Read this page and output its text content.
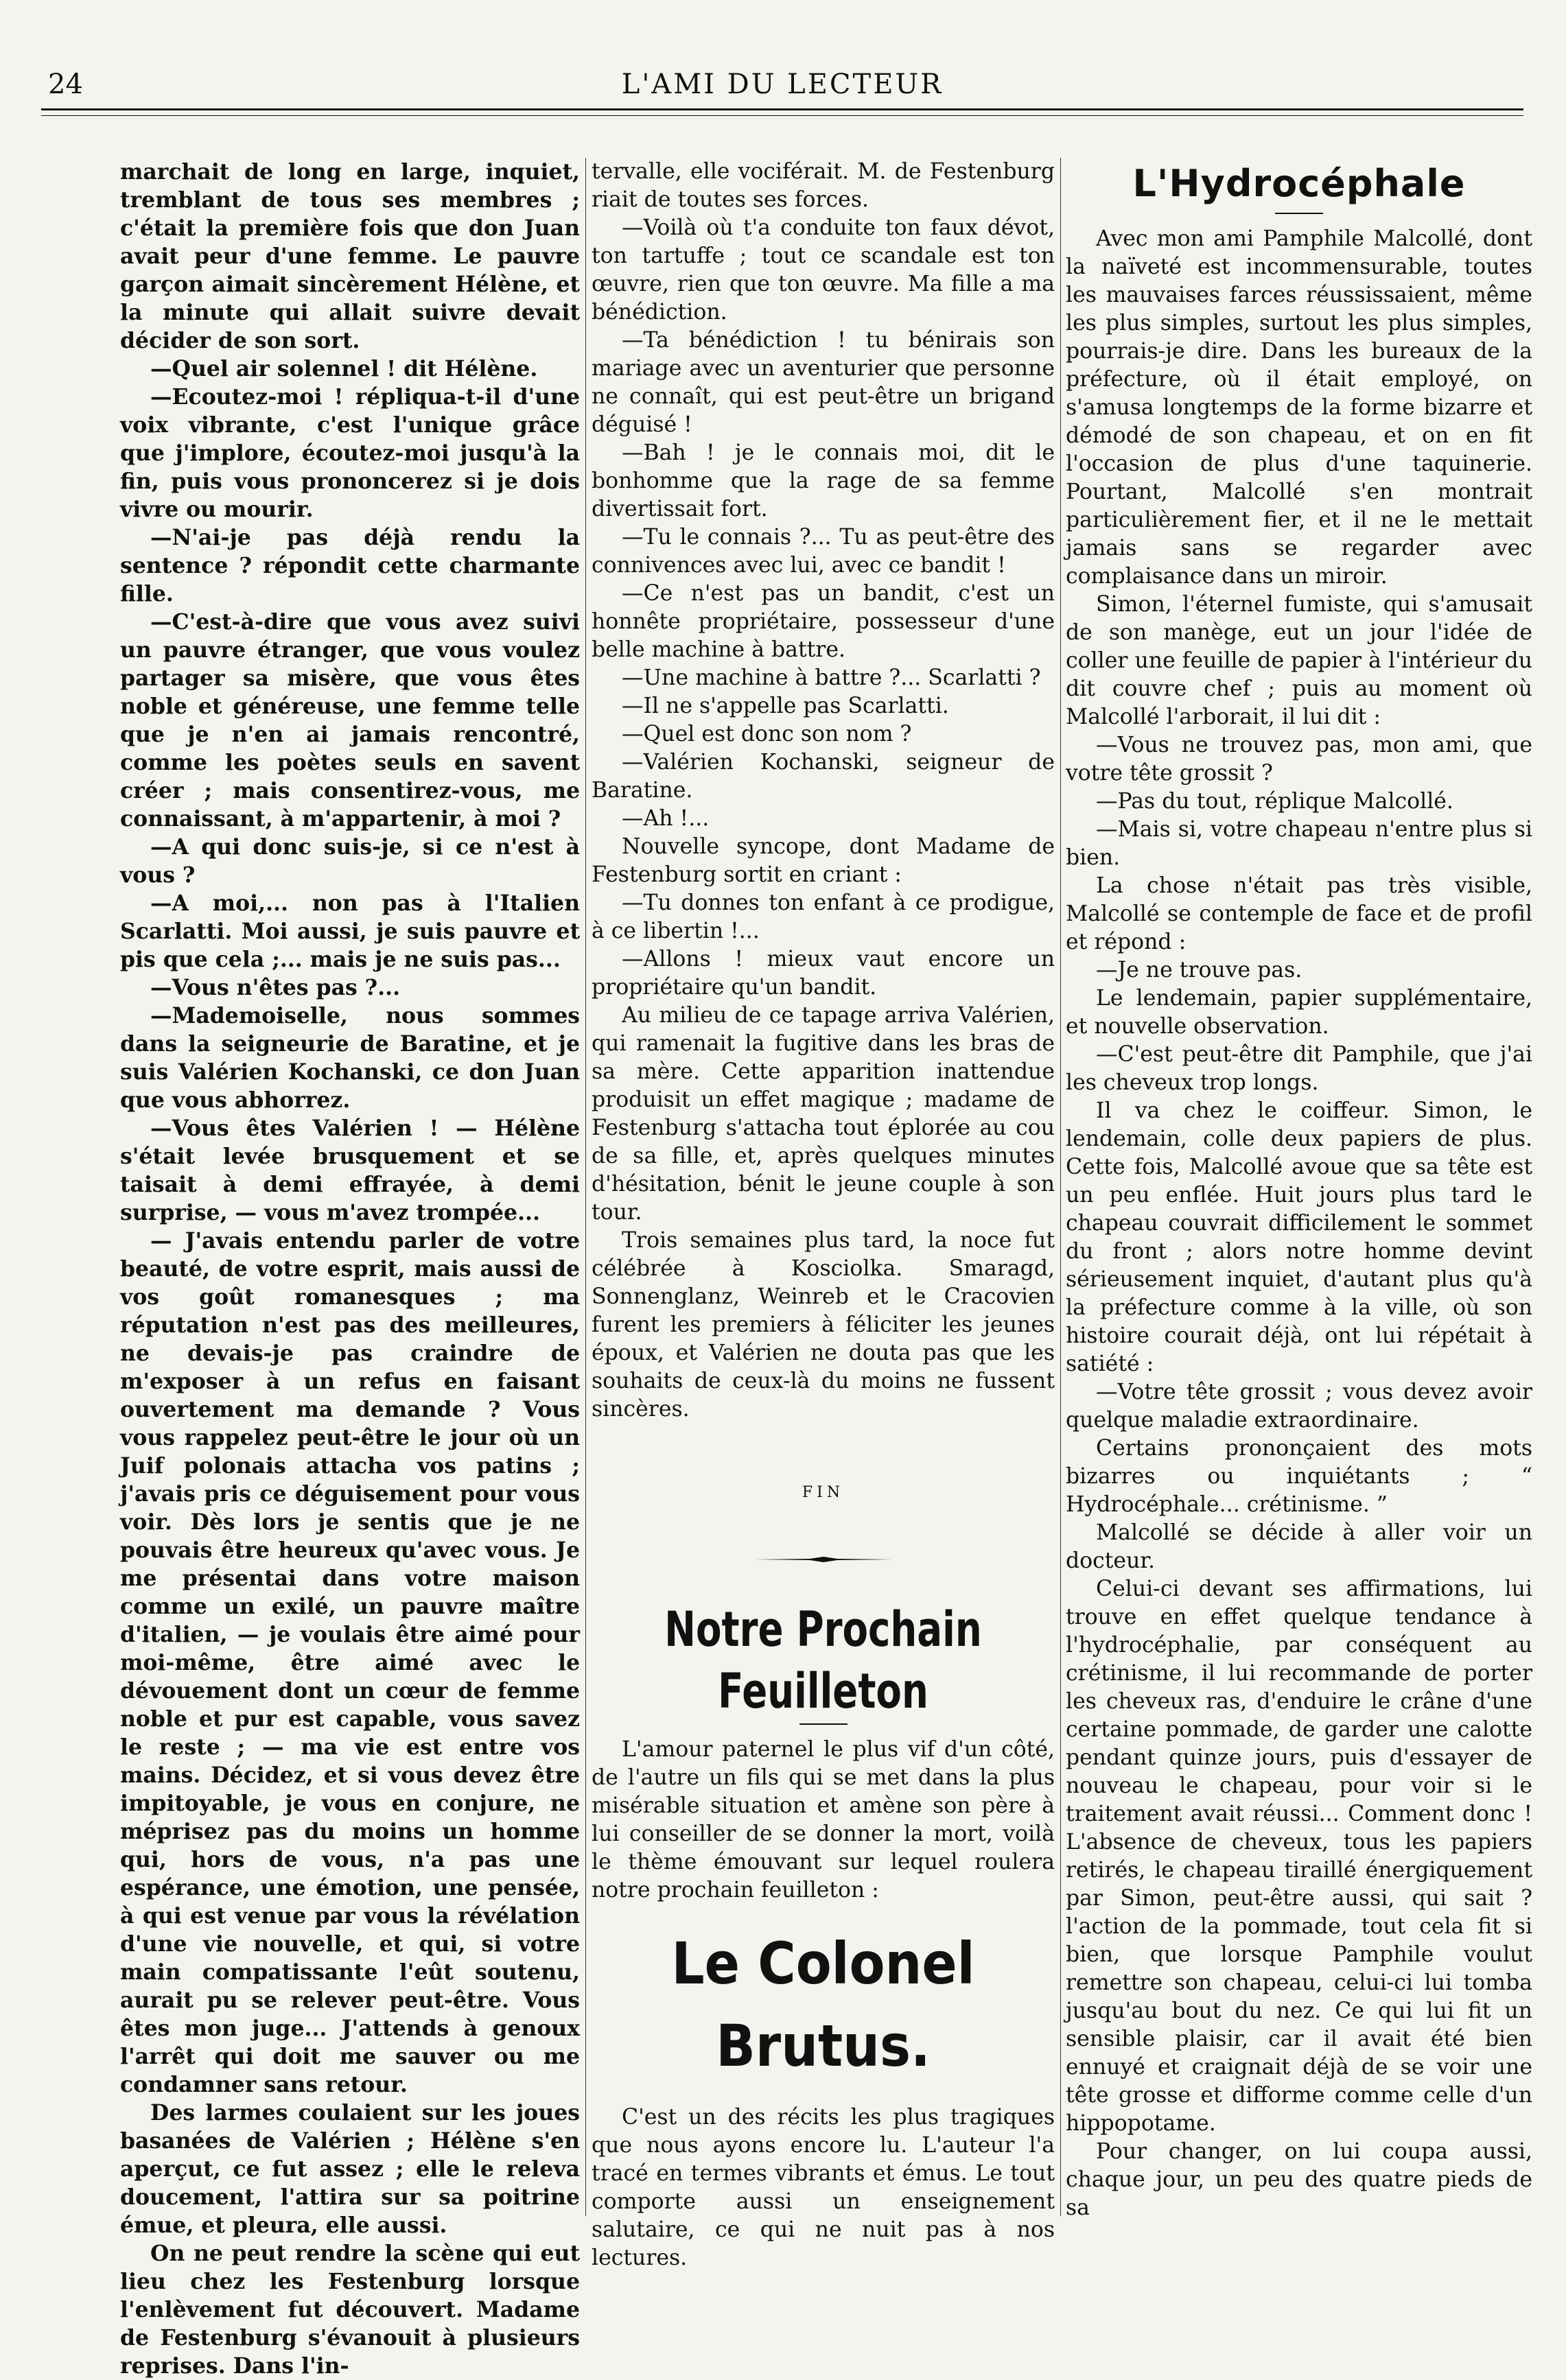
24	L'AMI DU LECTEUR

marchait de long en large, inquiet, tremblant de tous ses membres ; c'était la première fois que don Juan avait peur d'une femme. Le pauvre garçon aimait sincèrement Hélène, et la minute qui allait suivre devait décider de son sort.

—Quel air solennel ! dit Hélène.

—Ecoutez-moi ! répliqua-t-il d'une voix vibrante, c'est l'unique grâce que j'implore, écoutez-moi jusqu'à la fin, puis vous prononcerez si je dois vivre ou mourir.

—N'ai-je pas déjà rendu la sentence ? répondit cette charmante fille.

—C'est-à-dire que vous avez suivi un pauvre étranger, que vous voulez partager sa misère, que vous êtes noble et généreuse, une femme telle que je n'en ai jamais rencontré, comme les poètes seuls en savent créer ; mais consentirez-vous, me connaissant, à m'appartenir, à moi ?

—A qui donc suis-je, si ce n'est à vous ?

—A moi,... non pas à l'Italien Scarlatti. Moi aussi, je suis pauvre et pis que cela ;... mais je ne suis pas...

—Vous n'êtes pas ?...

—Mademoiselle, nous sommes dans la seigneurie de Baratine, et je suis Valérien Kochanski, ce don Juan que vous abhorrez.

—Vous êtes Valérien ! — Hélène s'était levée brusquement et se taisait à demi effrayée, à demi surprise, — vous m'avez trompée...

— J'avais entendu parler de votre beauté, de votre esprit, mais aussi de vos goût romanesques ; ma réputation n'est pas des meilleures, ne devais-je pas craindre de m'exposer à un refus en faisant ouvertement ma demande ? Vous vous rappelez peut-être le jour où un Juif polonais attacha vos patins ; j'avais pris ce déguisement pour vous voir. Dès lors je sentis que je ne pouvais être heureux qu'avec vous. Je me présentai dans votre maison comme un exilé, un pauvre maître d'italien, — je voulais être aimé pour moi-même, être aimé avec le dévouement dont un cœur de femme noble et pur est capable, vous savez le reste ; — ma vie est entre vos mains. Décidez, et si vous devez être impitoyable, je vous en conjure, ne méprisez pas du moins un homme qui, hors de vous, n'a pas une espérance, une émotion, une pensée, à qui est venue par vous la révélation d'une vie nouvelle, et qui, si votre main compatissante l'eût soutenu, aurait pu se relever peut-être. Vous êtes mon juge... J'attends à genoux l'arrêt qui doit me sauver ou me condamner sans retour.

Des larmes coulaient sur les joues basanées de Valérien ; Hélène s'en aperçut, ce fut assez ; elle le releva doucement, l'attira sur sa poitrine émue, et pleura, elle aussi.

On ne peut rendre la scène qui eut lieu chez les Festenburg lorsque l'enlèvement fut découvert. Madame de Festenburg s'évanouit à plusieurs reprises. Dans l'in-

tervalle, elle vociférait. M. de Festenburg riait de toutes ses forces.

—Voilà où t'a conduite ton faux dévot, ton tartuffe ; tout ce scandale est ton œuvre, rien que ton œuvre. Ma fille a ma bénédiction.

—Ta bénédiction ! tu bénirais son mariage avec un aventurier que personne ne connaît, qui est peut-être un brigand déguisé !

—Bah ! je le connais moi, dit le bonhomme que la rage de sa femme divertissait fort.

—Tu le connais ?... Tu as peut-être des connivences avec lui, avec ce bandit !

—Ce n'est pas un bandit, c'est un honnête propriétaire, possesseur d'une belle machine à battre.

—Une machine à battre ?... Scarlatti ?

—Il ne s'appelle pas Scarlatti.

—Quel est donc son nom ?

—Valérien Kochanski, seigneur de Baratine.

—Ah !...

Nouvelle syncope, dont Madame de Festenburg sortit en criant :

—Tu donnes ton enfant à ce prodigue, à ce libertin !...

—Allons ! mieux vaut encore un propriétaire qu'un bandit.

Au milieu de ce tapage arriva Valérien, qui ramenait la fugitive dans les bras de sa mère. Cette apparition inattendue produisit un effet magique ; madame de Festenburg s'attacha tout éplorée au cou de sa fille, et, après quelques minutes d'hésitation, bénit le jeune couple à son tour.

Trois semaines plus tard, la noce fut célébrée à Kosciolka. Smaragd, Sonnenglanz, Weinreb et le Cracovien furent les premiers à féliciter les jeunes époux, et Valérien ne douta pas que les souhaits de ceux-là du moins ne fussent sincères.

FIN
Notre Prochain Feuilleton

L'amour paternel le plus vif d'un côté, de l'autre un fils qui se met dans la plus misérable situation et amène son père à lui conseiller de se donner la mort, voilà le thème émouvant sur lequel roulera notre prochain feuilleton :

Le Colonel Brutus.

C'est un des récits les plus tragiques que nous ayons encore lu. L'auteur l'a tracé en termes vibrants et émus. Le tout comporte aussi un enseignement salutaire, ce qui ne nuit pas à nos lectures.

L'Hydrocéphale

Avec mon ami Pamphile Malcollé, dont la naïveté est incommensurable, toutes les mauvaises farces réussissaient, même les plus simples, surtout les plus simples, pourrais-je dire. Dans les bureaux de la préfecture, où il était employé, on s'amusa longtemps de la forme bizarre et démodé de son chapeau, et on en fit l'occasion de plus d'une taquinerie. Pourtant, Malcollé s'en montrait particulièrement fier, et il ne le mettait jamais sans se regarder avec complaisance dans un miroir.

Simon, l'éternel fumiste, qui s'amusait de son manège, eut un jour l'idée de coller une feuille de papier à l'intérieur du dit couvre chef ; puis au moment où Malcollé l'arborait, il lui dit :

—Vous ne trouvez pas, mon ami, que votre tête grossit ?

—Pas du tout, réplique Malcollé.

—Mais si, votre chapeau n'entre plus si bien.

La chose n'était pas très visible, Malcollé se contemple de face et de profil et répond :

—Je ne trouve pas.

Le lendemain, papier supplémentaire, et nouvelle observation.

—C'est peut-être dit Pamphile, que j'ai les cheveux trop longs.

Il va chez le coiffeur. Simon, le lendemain, colle deux papiers de plus. Cette fois, Malcollé avoue que sa tête est un peu enflée. Huit jours plus tard le chapeau couvrait difficilement le sommet du front ; alors notre homme devint sérieusement inquiet, d'autant plus qu'à la préfecture comme à la ville, où son histoire courait déjà, ont lui répétait à satiété :

—Votre tête grossit ; vous devez avoir quelque maladie extraordinaire.

Certains prononçaient des mots bizarres ou inquiétants ; “ Hydrocéphale... crétinisme. ”

Malcollé se décide à aller voir un docteur.

Celui-ci devant ses affirmations, lui trouve en effet quelque tendance à l'hydrocéphalie, par conséquent au crétinisme, il lui recommande de porter les cheveux ras, d'enduire le crâne d'une certaine pommade, de garder une calotte pendant quinze jours, puis d'essayer de nouveau le chapeau, pour voir si le traitement avait réussi... Comment donc ! L'absence de cheveux, tous les papiers retirés, le chapeau tiraillé énergiquement par Simon, peut-être aussi, qui sait ? l'action de la pommade, tout cela fit si bien, que lorsque Pamphile voulut remettre son chapeau, celui-ci lui tomba jusqu'au bout du nez. Ce qui lui fit un sensible plaisir, car il avait été bien ennuyé et craignait déjà de se voir une tête grosse et difforme comme celle d'un hippopotame.

Pour changer, on lui coupa aussi, chaque jour, un peu des quatre pieds de sa
